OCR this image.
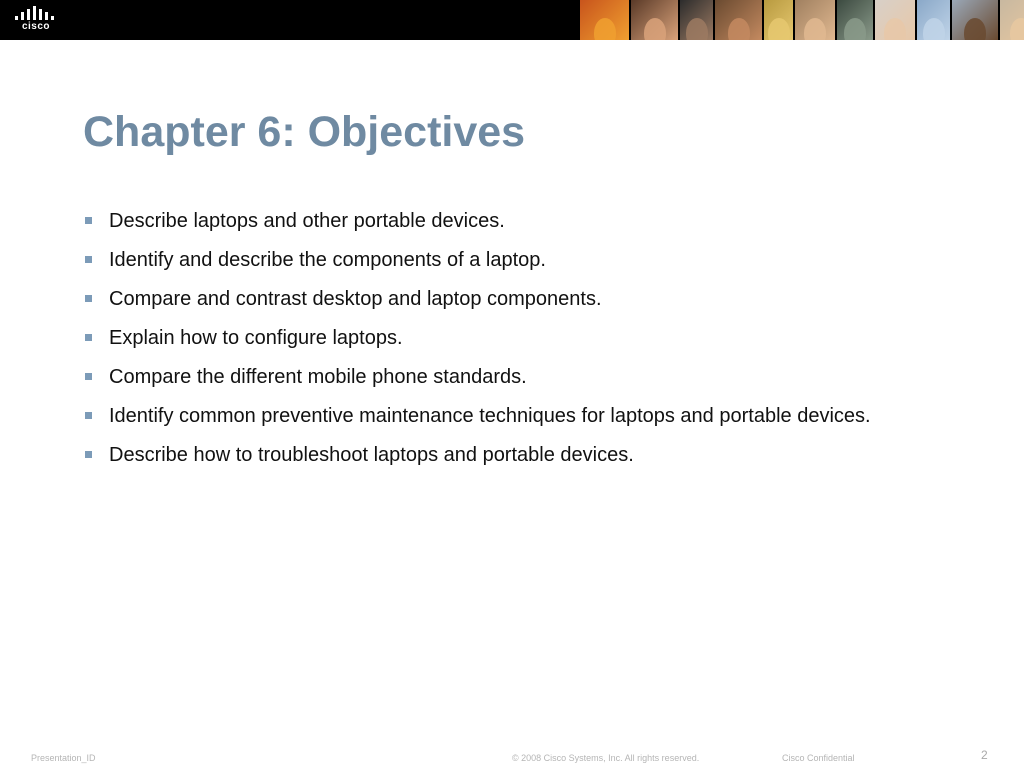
cisco
Chapter 6: Objectives
Describe laptops and other portable devices.
Identify and describe the components of a laptop.
Compare and contrast desktop and laptop components.
Explain how to configure laptops.
Compare the different mobile phone standards.
Identify common preventive maintenance techniques for laptops and portable devices.
Describe how to troubleshoot laptops and portable devices.
Presentation_ID	© 2008 Cisco Systems, Inc. All rights reserved.	Cisco Confidential	2
